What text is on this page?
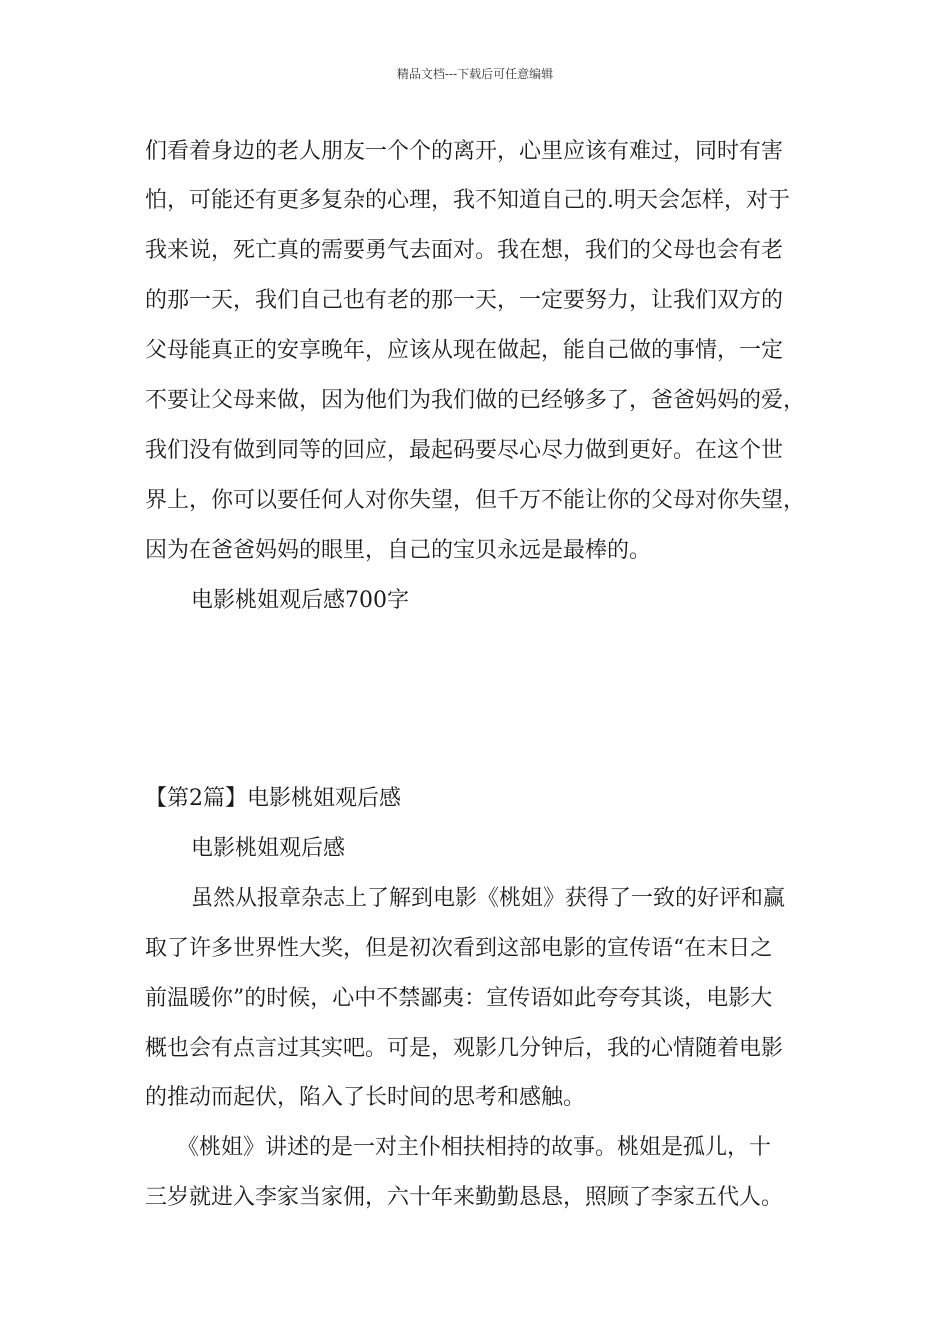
精品文档---下载后可任意编辑
们看着身边的老人朋友一个个的离开，心里应该有难过，同时有害
怕，可能还有更多复杂的心理，我不知道自己的.明天会怎样，对于
我来说，死亡真的需要勇气去面对。我在想，我们的父母也会有老
的那一天，我们自己也有老的那一天，一定要努力，让我们双方的
父母能真正的安享晚年，应该从现在做起，能自己做的事情，一定
不要让父母来做，因为他们为我们做的已经够多了，爸爸妈妈的爱，
我们没有做到同等的回应，最起码要尽心尽力做到更好。在这个世
界上，你可以要任何人对你失望，但千万不能让你的父母对你失望，
因为在爸爸妈妈的眼里，自己的宝贝永远是最棒的。
电影桃姐观后感700字
【第2篇】电影桃姐观后感
电影桃姐观后感
虽然从报章杂志上了解到电影《桃姐》获得了一致的好评和赢
取了许多世界性大奖，但是初次看到这部电影的宣传语“在末日之
前温暖你”的时候，心中不禁鄙夷：宣传语如此夸夸其谈，电影大
概也会有点言过其实吧。可是，观影几分钟后，我的心情随着电影
的推动而起伏，陷入了长时间的思考和感触。
《桃姐》讲述的是一对主仆相扶相持的故事。桃姐是孤儿，十
三岁就进入李家当家佣，六十年来勤勤恳恳，照顾了李家五代人。
